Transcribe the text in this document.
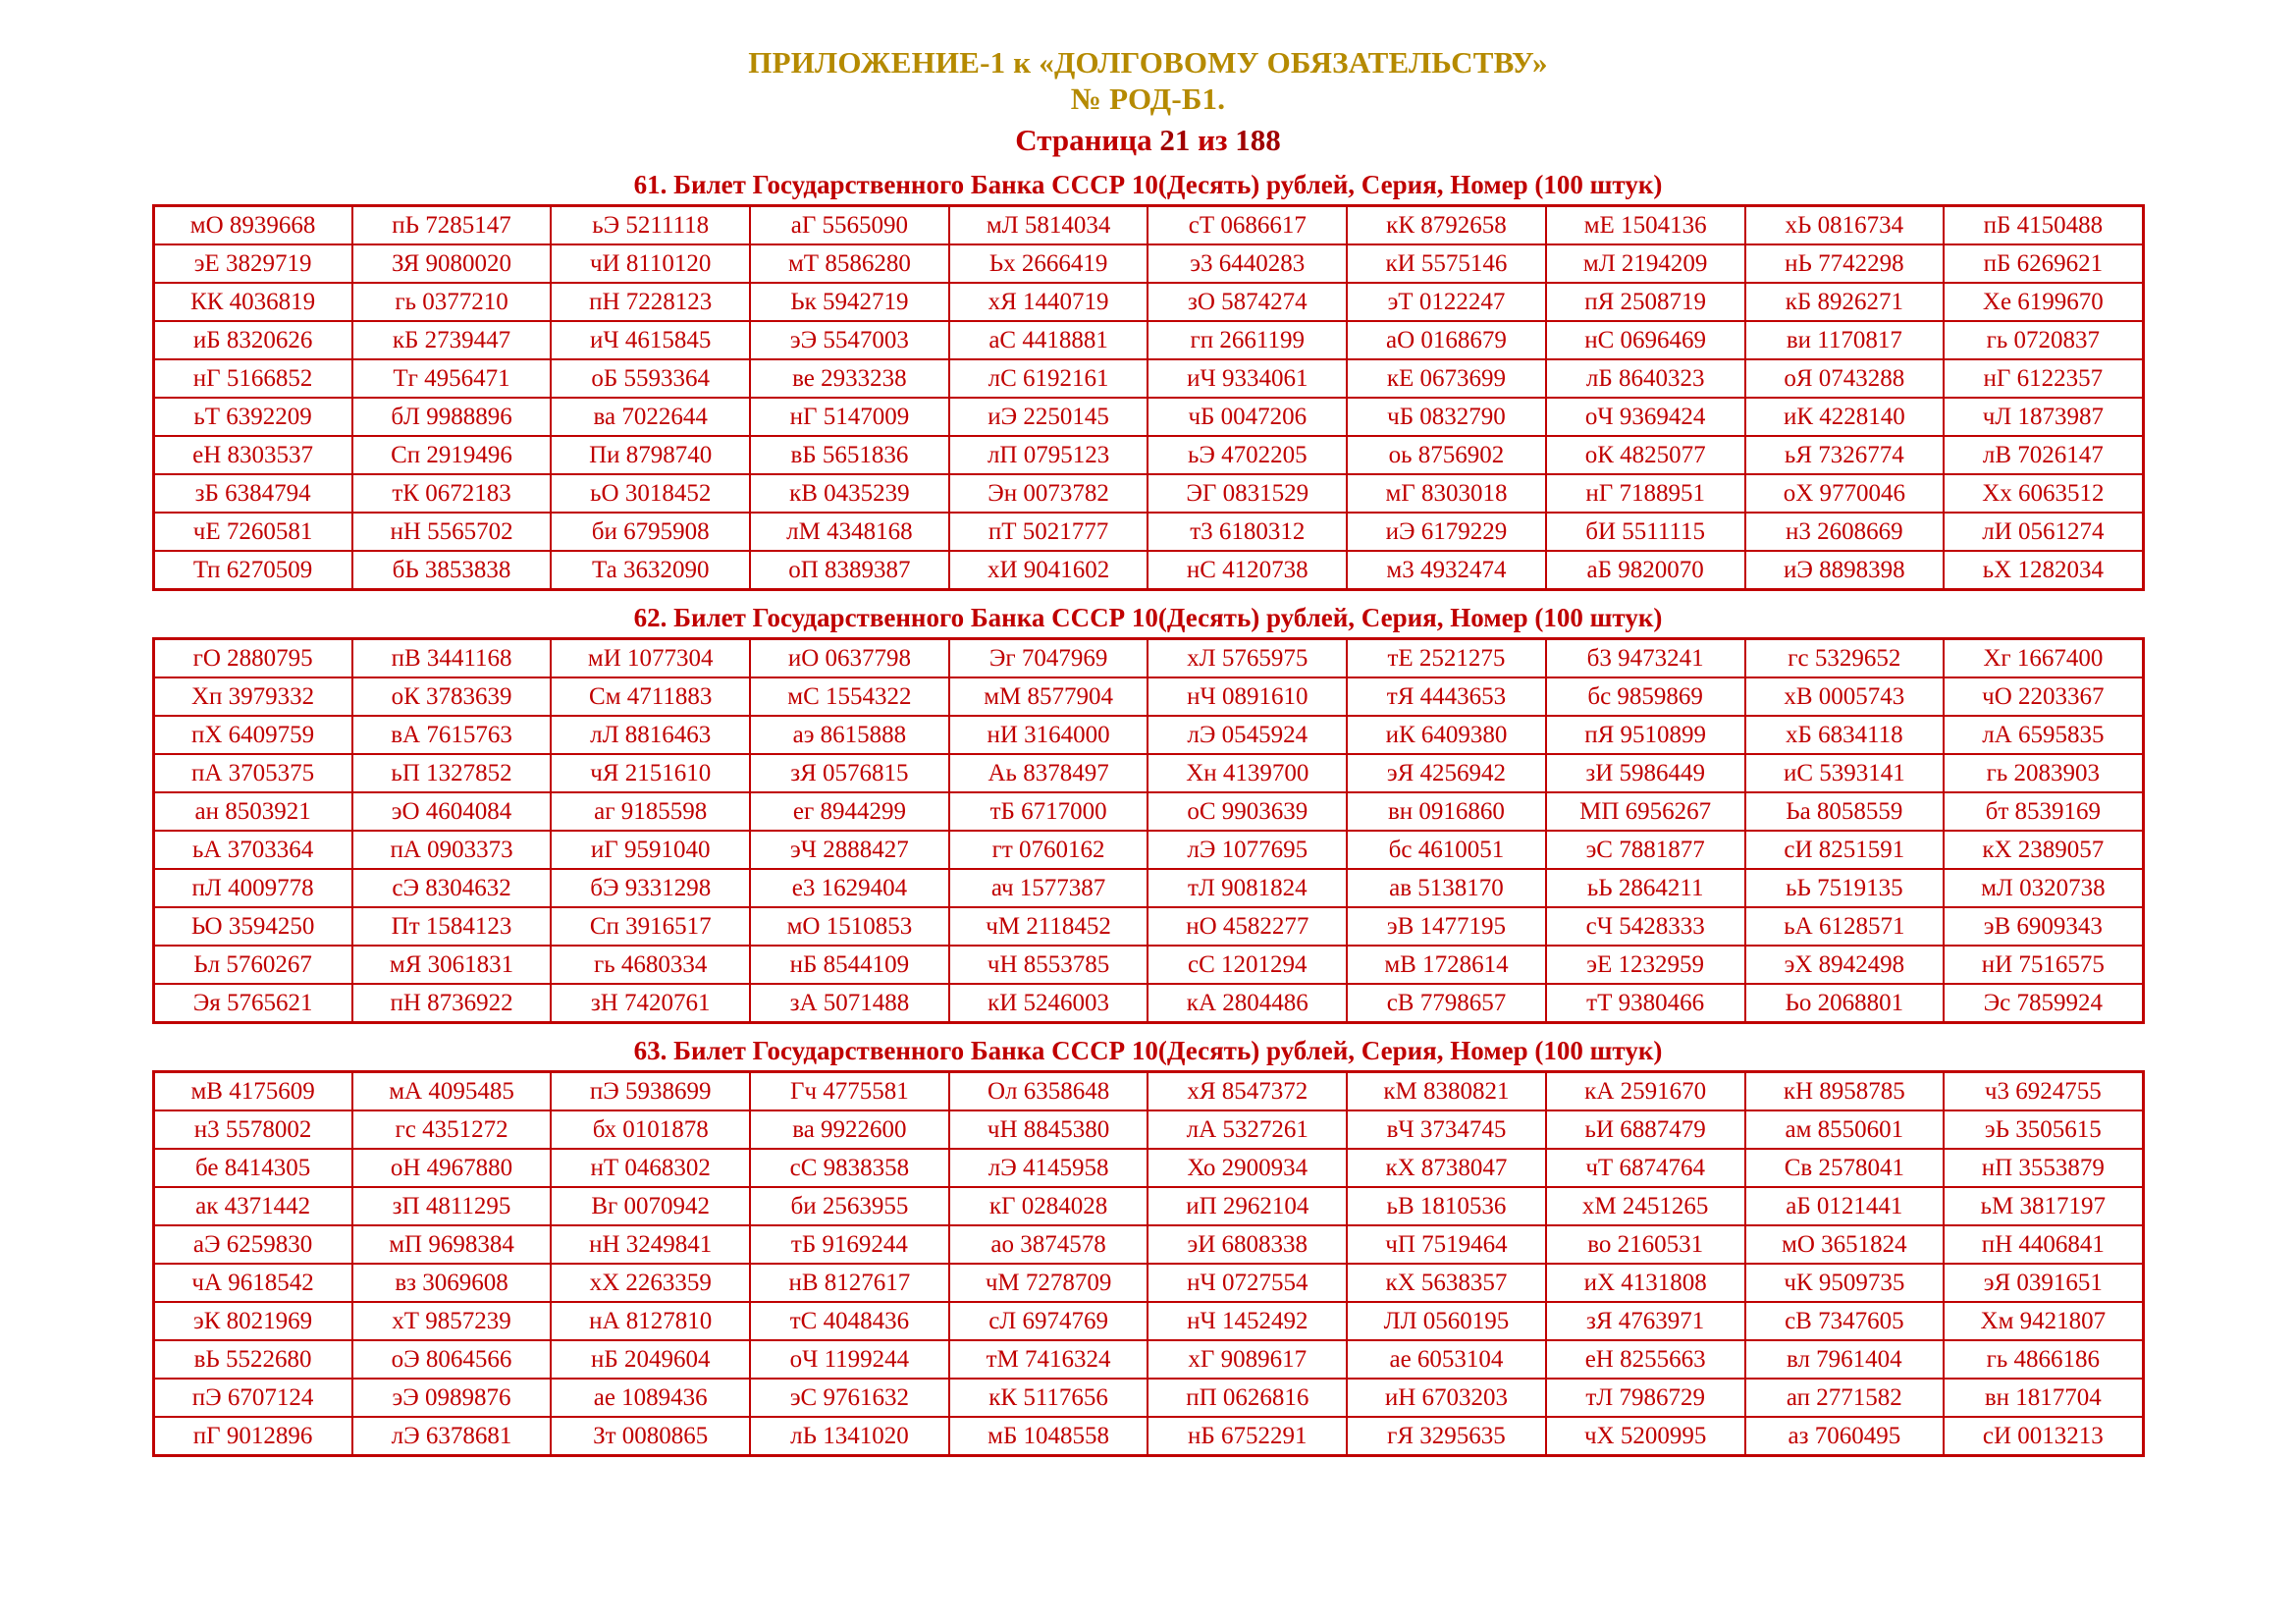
ПРИЛОЖЕНИЕ-1 к «ДОЛГОВОМУ ОБЯЗАТЕЛЬСТВУ»
№ РОД-Б1.
Страница 21 из 188
61. Билет Государственного Банка СССР 10(Десять) рублей, Серия, Номер (100 штук)
мО 8939668	пЬ 7285147	ьЭ 5211118	аГ 5565090	мЛ 5814034	сТ 0686617	кК 8792658	мЕ 1504136	хЬ 0816734	пБ 4150488
эЕ 3829719	ЗЯ 9080020	чИ 8110120	мТ 8586280	Ьх 2666419	э3 6440283	кИ 5575146	мЛ 2194209	нЬ 7742298	пБ 6269621
КК 4036819	гь 0377210	пН 7228123	Ьк 5942719	хЯ 1440719	зО 5874274	эТ 0122247	пЯ 2508719	кБ 8926271	Хе 6199670
иБ 8320626	кБ 2739447	иЧ 4615845	эЭ 5547003	аС 4418881	гп 2661199	аО 0168679	нС 0696469	ви 1170817	гь 0720837
нГ 5166852	Тг 4956471	оБ 5593364	ве 2933238	лС 6192161	иЧ 9334061	кЕ 0673699	лБ 8640323	оЯ 0743288	нГ 6122357
ьТ 6392209	бЛ 9988896	ва 7022644	нГ 5147009	иЭ 2250145	чБ 0047206	чБ 0832790	оЧ 9369424	иК 4228140	чЛ 1873987
еН 8303537	Сп 2919496	Пи 8798740	вБ 5651836	лП 0795123	ьЭ 4702205	оь 8756902	оК 4825077	ьЯ 7326774	лВ 7026147
зБ 6384794	тК 0672183	ьО 3018452	кВ 0435239	Эн 0073782	ЭГ 0831529	мГ 8303018	нГ 7188951	оХ 9770046	Хх 6063512
чЕ 7260581	нН 5565702	би 6795908	лМ 4348168	пТ 5021777	т3 6180312	иЭ 6179229	бИ 5511115	н3 2608669	лИ 0561274
Тп 6270509	бЬ 3853838	Та 3632090	оП 8389387	хИ 9041602	нС 4120738	м3 4932474	аБ 9820070	иЭ 8898398	ьХ 1282034
62. Билет Государственного Банка СССР 10(Десять) рублей, Серия, Номер (100 штук)
гО 2880795	пВ 3441168	мИ 1077304	иО 0637798	Эг 7047969	хЛ 5765975	тЕ 2521275	б3 9473241	гс 5329652	Хг 1667400
Хп 3979332	оК 3783639	См 4711883	мС 1554322	мМ 8577904	нЧ 0891610	тЯ 4443653	бс 9859869	хВ 0005743	чО 2203367
пХ 6409759	вА 7615763	лЛ 8816463	аэ 8615888	нИ 3164000	лЭ 0545924	иК 6409380	пЯ 9510899	хБ 6834118	лА 6595835
пА 3705375	ьП 1327852	чЯ 2151610	зЯ 0576815	Аь 8378497	Хн 4139700	эЯ 4256942	зИ 5986449	иС 5393141	гь 2083903
ан 8503921	эО 4604084	аг 9185598	ег 8944299	тБ 6717000	оС 9903639	вн 0916860	МП 6956267	Ьа 8058559	бт 8539169
ьА 3703364	пА 0903373	иГ 9591040	эЧ 2888427	гт 0760162	лЭ 1077695	бс 4610051	эС 7881877	сИ 8251591	кХ 2389057
пЛ 4009778	сЭ 8304632	бЭ 9331298	е3 1629404	ач 1577387	тЛ 9081824	ав 5138170	ьЬ 2864211	ьЬ 7519135	мЛ 0320738
ЬО 3594250	Пт 1584123	Сп 3916517	мО 1510853	чМ 2118452	нО 4582277	эВ 1477195	сЧ 5428333	ьА 6128571	эВ 6909343
Ьл 5760267	мЯ 3061831	гь 4680334	нБ 8544109	чН 8553785	сС 1201294	мВ 1728614	эЕ 1232959	эХ 8942498	нИ 7516575
Эя 5765621	пН 8736922	зН 7420761	зА 5071488	кИ 5246003	кА 2804486	сВ 7798657	тТ 9380466	Ьо 2068801	Эс 7859924
63. Билет Государственного Банка СССР 10(Десять) рублей, Серия, Номер (100 штук)
мВ 4175609	мА 4095485	пЭ 5938699	Гч 4775581	Ол 6358648	хЯ 8547372	кМ 8380821	кА 2591670	кН 8958785	ч3 6924755
н3 5578002	гс 4351272	бх 0101878	ва 9922600	чН 8845380	лА 5327261	вЧ 3734745	ьИ 6887479	ам 8550601	эЬ 3505615
бе 8414305	оН 4967880	нТ 0468302	сС 9838358	лЭ 4145958	Хо 2900934	кХ 8738047	чТ 6874764	Св 2578041	нП 3553879
ак 4371442	зП 4811295	Вг 0070942	би 2563955	кГ 0284028	иП 2962104	ьВ 1810536	хМ 2451265	аБ 0121441	ьМ 3817197
аЭ 6259830	мП 9698384	нН 3249841	тБ 9169244	ао 3874578	эИ 6808338	чП 7519464	во 2160531	мО 3651824	пН 4406841
чА 9618542	вз 3069608	хХ 2263359	нВ 8127617	чМ 7278709	нЧ 0727554	кХ 5638357	иХ 4131808	чК 9509735	эЯ 0391651
эК 8021969	хТ 9857239	нА 8127810	тС 4048436	сЛ 6974769	нЧ 1452492	ЛЛ 0560195	зЯ 4763971	сВ 7347605	Хм 9421807
вЬ 5522680	оЭ 8064566	нБ 2049604	оЧ 1199244	тМ 7416324	хГ 9089617	ае 6053104	еН 8255663	вл 7961404	гь 4866186
пЭ 6707124	эЭ 0989876	ае 1089436	эС 9761632	кК 5117656	пП 0626816	иН 6703203	тЛ 7986729	ап 2771582	вн 1817704
пГ 9012896	лЭ 6378681	Зт 0080865	лЬ 1341020	мБ 1048558	нБ 6752291	гЯ 3295635	чХ 5200995	аз 7060495	сИ 0013213
